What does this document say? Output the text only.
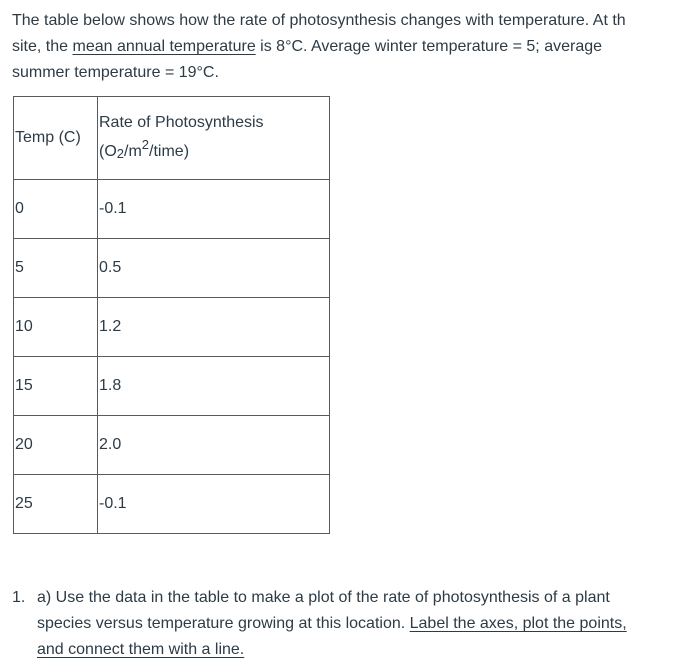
The table below shows how the rate of photosynthesis changes with temperature. At th
site, the mean annual temperature is 8°C. Average winter temperature = 5; average
summer temperature = 19°C.

Temp (C)	Rate of Photosynthesis
$(O2/m^2/time)$
0	-0.1
5	0.5
10	1.2
15	1.8
20	2.0
25	-0.1
1. a) Use the data in the table to make a plot of the rate of photosynthesis of a plant
species versus temperature growing at this location. Label the axes, plot the points,
and connect them with a line.
